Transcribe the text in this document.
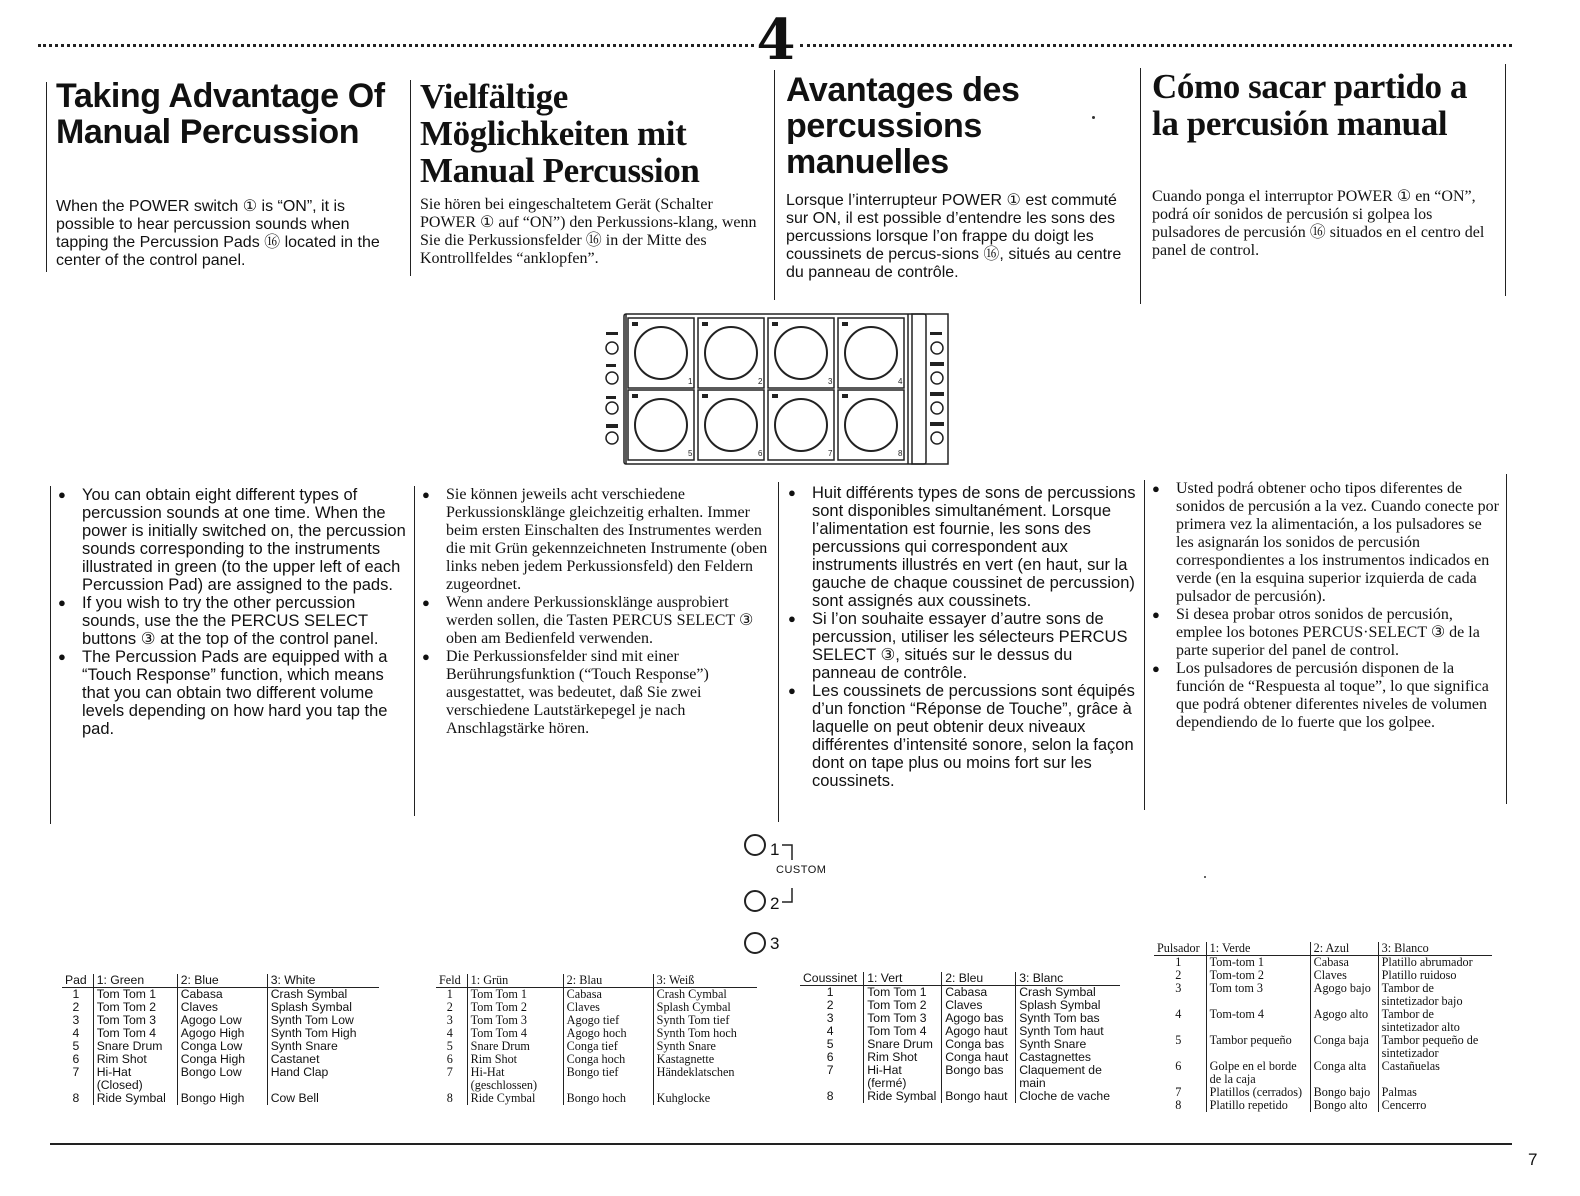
4
Taking Advantage Of
Manual Percussion

When the POWER switch ① is “ON”, it is possible to hear percussion sounds when tapping the Percussion Pads ⑯ located in the center of the control panel.

Vielfältige
Möglichkeiten mit
Manual Percussion

Sie hören bei eingeschaltetem Gerät (Schalter POWER ① auf “ON”) den Perkussions-klang, wenn Sie die Perkussionsfelder ⑯ in der Mitte des Kontrollfeldes “anklopfen”.

Avantages des
percussions
manuelles

Lorsque l’interrupteur POWER ① est commuté sur ON, il est possible d’entendre les sons des percussions lorsque l’on frappe du doigt les coussinets de percus-sions ⑯, situés au centre du panneau de contrôle.

Cómo sacar partido a
la percusión manual

Cuando ponga el interruptor POWER ① en “ON”, podrá oír sonidos de percusión si golpea los pulsadores de percusión ⑯ situados en el centro del panel de control.

1	2	3	4
5	6	7	8
● You can obtain eight different types of percussion sounds at one time. When the power is initially switched on, the percussion sounds corresponding to the instruments illustrated in green (to the upper left of each Percussion Pad) are assigned to the pads.
● If you wish to try the other percussion sounds, use the the PERCUS SELECT buttons ③ at the top of the control panel.
● The Percussion Pads are equipped with a “Touch Response” function, which means that you can obtain two different volume levels depending on how hard you tap the pad.
● Sie können jeweils acht verschiedene Perkussionsklänge gleichzeitig erhalten. Immer beim ersten Einschalten des Instrumentes werden die mit Grün gekennzeichneten Instrumente (oben links neben jedem Perkussionsfeld) den Feldern zugeordnet.
● Wenn andere Perkussionsklänge ausprobiert werden sollen, die Tasten PERCUS SELECT ③ oben am Bedienfeld verwenden.
● Die Perkussionsfelder sind mit einer Berührungsfunktion (“Touch Response”) ausgestattet, was bedeutet, daß Sie zwei verschiedene Lautstärkepegel je nach Anschlagstärke hören.
● Huit différents types de sons de percussions sont disponibles simultanément. Lorsque l’alimentation est fournie, les sons des percussions qui correspondent aux instruments illustrés en vert (en haut, sur la gauche de chaque coussinet de percussion) sont assignés aux coussinets.
● Si l’on souhaite essayer d’autre sons de percussion, utiliser les sélecteurs PERCUS SELECT ③, situés sur le dessus du panneau de contrôle.
● Les coussinets de percussions sont équipés d’un fonction “Réponse de Touche”, grâce à laquelle on peut obtenir deux niveaux différentes d’intensité sonore, selon la façon dont on tape plus ou moins fort sur les coussinets.
● Usted podrá obtener ocho tipos diferentes de sonidos de percusión a la vez. Cuando conecte por primera vez la alimentación, a los pulsadores se les asignarán los sonidos de percusión correspondientes a los instrumentos indicados en verde (en la esquina superior izquierda de cada pulsador de percusión).
● Si desea probar otros sonidos de percusión, emplee los botones PERCUS·SELECT ③ de la parte superior del panel de control.
● Los pulsadores de percusión disponen de la función de “Respuesta al toque”, lo que significa que podrá obtener diferentes niveles de volumen dependiendo de lo fuerte que los golpee.
1
CUSTOM
2
3
Pad	1: Green	2: Blue	3: White
1	Tom Tom 1	Cabasa	Crash Symbal
2	Tom Tom 2	Claves	Splash Symbal
3	Tom Tom 3	Agogo Low	Synth Tom Low
4	Tom Tom 4	Agogo High	Synth Tom High
5	Snare Drum	Conga Low	Synth Snare
6	Rim Shot	Conga High	Castanet
7	Hi-Hat (Closed)	Bongo Low	Hand Clap
8	Ride Symbal	Bongo High	Cow Bell
Feld	1: Grün	2: Blau	3: Weiß
1	Tom Tom 1	Cabasa	Crash Cymbal
2	Tom Tom 2	Claves	Splash Cymbal
3	Tom Tom 3	Agogo tief	Synth Tom tief
4	Tom Tom 4	Agogo hoch	Synth Tom hoch
5	Snare Drum	Conga tief	Synth Snare
6	Rim Shot	Conga hoch	Kastagnette
7	Hi-Hat (geschlossen)	Bongo tief	Händeklatschen
8	Ride Cymbal	Bongo hoch	Kuhglocke
Coussinet	1: Vert	2: Bleu	3: Blanc
1	Tom Tom 1	Cabasa	Crash Symbal
2	Tom Tom 2	Claves	Splash Symbal
3	Tom Tom 3	Agogo bas	Synth Tom bas
4	Tom Tom 4	Agogo haut	Synth Tom haut
5	Snare Drum	Conga bas	Synth Snare
6	Rim Shot	Conga haut	Castagnettes
7	Hi-Hat (fermé)	Bongo bas	Claquement de main
8	Ride Symbal	Bongo haut	Cloche de vache
Pulsador	1: Verde	2: Azul	3: Blanco
1	Tom-tom 1	Cabasa	Platillo abrumador
2	Tom-tom 2	Claves	Platillo ruidoso
3	Tom tom 3	Agogo bajo	Tambor de sintetizador bajo
4	Tom-tom 4	Agogo alto	Tambor de sintetizador alto
5	Tambor pequeño	Conga baja	Tambor pequeño de sintetizador
6	Golpe en el borde de la caja	Conga alta	Castañuelas
7	Platillos (cerrados)	Bongo bajo	Palmas
8	Platillo repetido	Bongo alto	Cencerro
7
